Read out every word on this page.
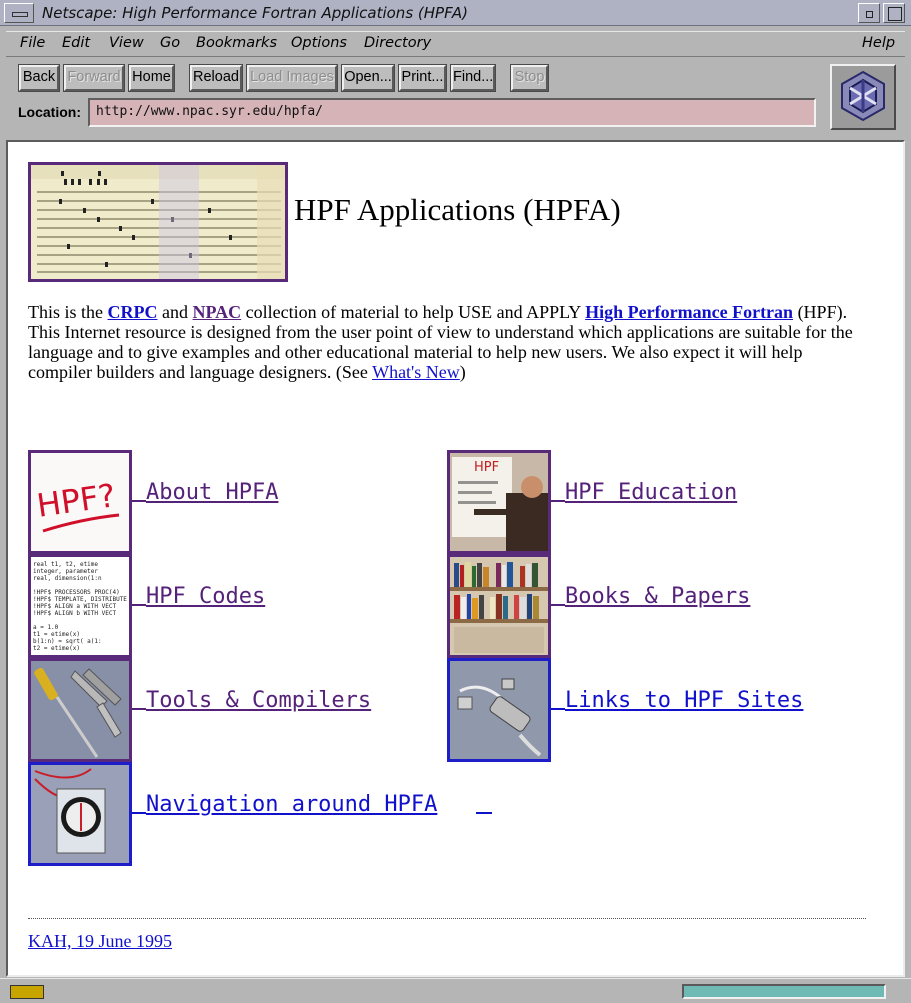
Netscape: High Performance Fortran Applications (HPFA)
File Edit View Go Bookmarks Options Directory	Help
Back Forward Home Reload Load Images Open... Print... Find... Stop
Location:	http://www.npac.syr.edu/hpfa/
HPF Applications (HPFA)
This is the CRPC and NPAC collection of material to help USE and APPLY High Performance Fortran (HPF). This Internet resource is designed from the user point of view to understand which applications are suitable for the language and to give examples and other educational material to help new users. We also expect it will help compiler builders and language designers. (See What's New)
HPF? About HPFA
HPF
HPF Education
real t1, t2, etime
integer, parameter
real, dimension(1:n

!HPF$ PROCESSORS PROC(4)
!HPF$ TEMPLATE, DISTRIBUTE
!HPF$ ALIGN a WITH VECT
!HPF$ ALIGN b WITH VECT

a = 1.0
t1 = etime(x)
b(1:n) = sqrt( a(1:
t2 = etime(x)
HPF Codes	Books & Papers
Tools & Compilers	Links to HPF Sites
Navigation around HPFA
KAH, 19 June 1995
